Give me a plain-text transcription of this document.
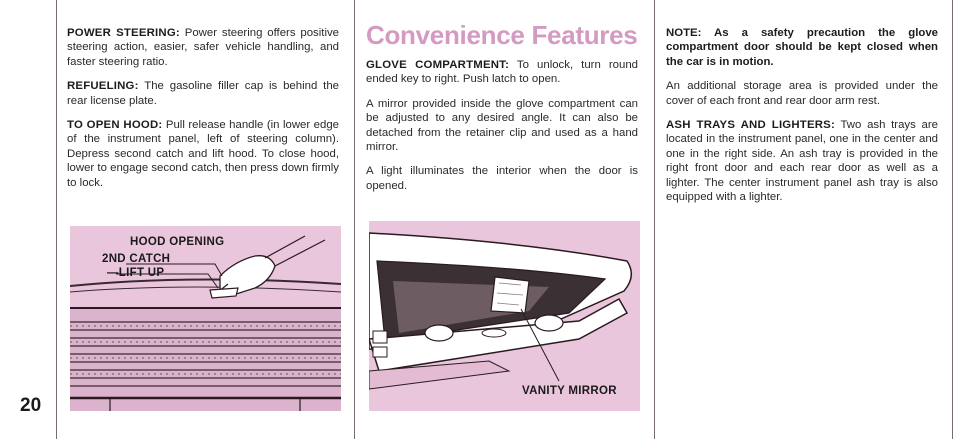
20

POWER STEERING: Power steering offers positive steering action, easier, safer vehicle handling, and faster steering ratio.

REFUELING: The gasoline filler cap is behind the rear license plate.

TO OPEN HOOD: Pull release handle (in lower edge of the instrument panel, left of steering column). Depress second catch and lift hood. To close hood, lower to engage second catch, then press down firmly to lock.

HOOD OPENING
2ND CATCH
—LIFT UP
Convenience Features

GLOVE COMPARTMENT: To unlock, turn round ended key to right. Push latch to open.

A mirror provided inside the glove compartment can be adjusted to any desired angle. It can also be detached from the retainer clip and used as a hand mirror.

A light illuminates the interior when the door is opened.

VANITY MIRROR

NOTE: As a safety precaution the glove compartment door should be kept closed when the car is in motion.

An additional storage area is provided under the cover of each front and rear door arm rest.

ASH TRAYS AND LIGHTERS: Two ash trays are located in the instrument panel, one in the center and one in the right side. An ash tray is provided in the right front door and each rear door as well as a lighter. The center instrument panel ash tray is also equipped with a lighter.
